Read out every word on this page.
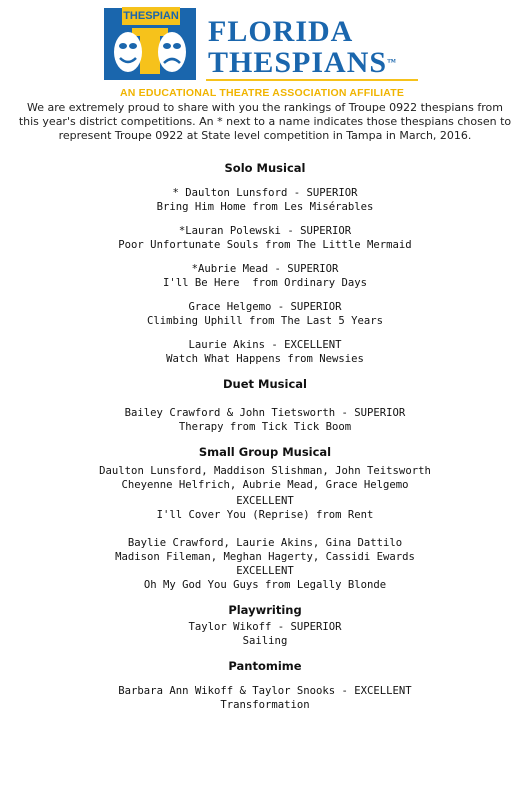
THESPIAN FLORIDA
THESPIANS™
AN EDUCATIONAL THEATRE ASSOCIATION AFFILIATE
We are extremely proud to share with you the rankings of Troupe 0922 thespians from this year's district competitions. An * next to a name indicates those thespians chosen to represent Troupe 0922 at State level competition in Tampa in March, 2016.
Solo Musical
* Daulton Lunsford - SUPERIOR
Bring Him Home from Les Misérables
*Lauran Polewski - SUPERIOR
Poor Unfortunate Souls from The Little Mermaid
*Aubrie Mead - SUPERIOR
I'll Be Here  from Ordinary Days
Grace Helgemo - SUPERIOR
Climbing Uphill from The Last 5 Years
Laurie Akins - EXCELLENT
Watch What Happens from Newsies
Duet Musical
Bailey Crawford & John Tietsworth - SUPERIOR
Therapy from Tick Tick Boom
Small Group Musical
Daulton Lunsford, Maddison Slishman, John Teitsworth
Cheyenne Helfrich, Aubrie Mead, Grace Helgemo
EXCELLENT
I'll Cover You (Reprise) from Rent
Baylie Crawford, Laurie Akins, Gina Dattilo
Madison Fileman, Meghan Hagerty, Cassidi Ewards
EXCELLENT
Oh My God You Guys from Legally Blonde
Playwriting
Taylor Wikoff - SUPERIOR
Sailing
Pantomime
Barbara Ann Wikoff & Taylor Snooks - EXCELLENT
Transformation
